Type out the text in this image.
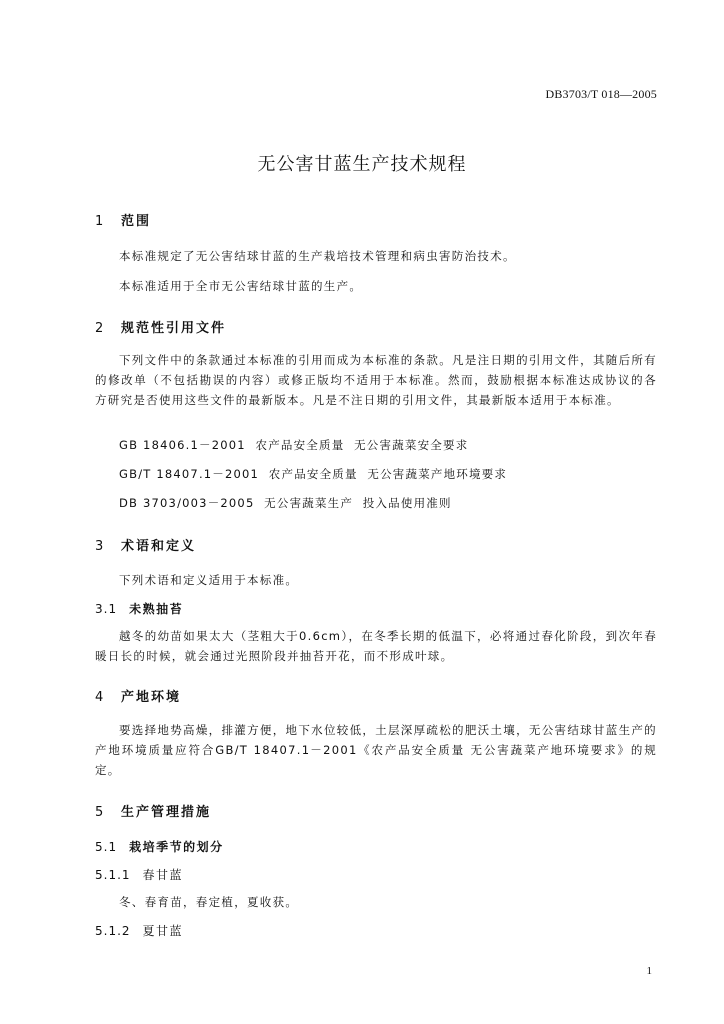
DB3703/T 018—2005
无公害甘蓝生产技术规程
1 范围
本标准规定了无公害结球甘蓝的生产栽培技术管理和病虫害防治技术。
本标准适用于全市无公害结球甘蓝的生产。
2 规范性引用文件
下列文件中的条款通过本标准的引用而成为本标准的条款。凡是注日期的引用文件，其随后所有的修改单（不包括勘误的内容）或修正版均不适用于本标准。然而，鼓励根据本标准达成协议的各方研究是否使用这些文件的最新版本。凡是不注日期的引用文件，其最新版本适用于本标准。
GB 18406.1－2001  农产品安全质量  无公害蔬菜安全要求
GB/T 18407.1－2001  农产品安全质量  无公害蔬菜产地环境要求
DB 3703/003－2005  无公害蔬菜生产  投入品使用准则
3 术语和定义
下列术语和定义适用于本标准。
3.1 未熟抽苔
越冬的幼苗如果太大（茎粗大于0.6cm），在冬季长期的低温下，必将通过春化阶段，到次年春暖日长的时候，就会通过光照阶段并抽苔开花，而不形成叶球。
4 产地环境
要选择地势高燥，排灌方便，地下水位较低，土层深厚疏松的肥沃土壤，无公害结球甘蓝生产的产地环境质量应符合GB/T 18407.1－2001《农产品安全质量 无公害蔬菜产地环境要求》的规定。
5 生产管理措施
5.1 栽培季节的划分
5.1.1 春甘蓝
冬、春育苗，春定植，夏收获。
5.1.2 夏甘蓝
1
